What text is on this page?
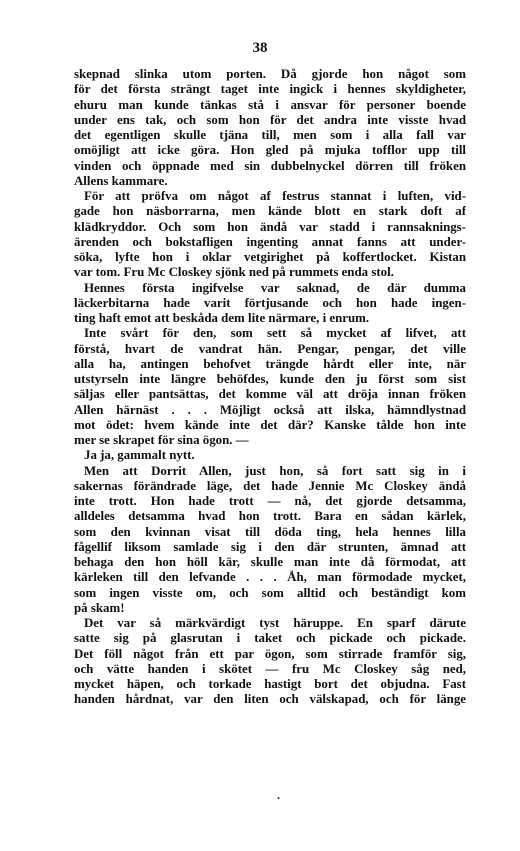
38
skepnad slinka utom porten. Då gjorde hon något som
för det första strängt taget inte ingick i hennes skyldigheter,
ehuru man kunde tänkas stå i ansvar för personer boende
under ens tak, och som hon för det andra inte visste hvad
det egentligen skulle tjäna till, men som i alla fall var
omöjligt att icke göra. Hon gled på mjuka tofflor upp till
vinden och öppnade med sin dubbelnyckel dörren till fröken
Allens kammare.
För att pröfva om något af festrus stannat i luften, vid-
gade hon näsborrarna, men kände blott en stark doft af
klädkryddor. Och som hon ändå var stadd i rannsaknings-
ärenden och bokstafligen ingenting annat fanns att under-
söka, lyfte hon i oklar vetgirighet på koffertlocket. Kistan
var tom. Fru Mc Closkey sjönk ned på rummets enda stol.
Hennes första ingifvelse var saknad, de där dumma
läckerbitarna hade varit förtjusande och hon hade ingen-
ting haft emot att beskåda dem lite närmare, i enrum.
Inte svårt för den, som sett så mycket af lifvet, att
förstå, hvart de vandrat hän. Pengar, pengar, det ville
alla ha, antingen behofvet trängde hårdt eller inte, när
utstyrseln inte längre behöfdes, kunde den ju först som sist
säljas eller pantsättas, det komme väl att dröja innan fröken
Allen härnäst . . . Möjligt också att ilska, hämndlystnad
mot ödet: hvem kände inte det där? Kanske tålde hon inte
mer se skrapet för sina ögon. —
Ja ja, gammalt nytt.
Men att Dorrit Allen, just hon, så fort satt sig in i
sakernas förändrade läge, det hade Jennie Mc Closkey ändå
inte trott. Hon hade trott — nå, det gjorde detsamma,
alldeles detsamma hvad hon trott. Bara en sådan kärlek,
som den kvinnan visat till döda ting, hela hennes lilla
fågellif liksom samlade sig i den där strunten, ämnad att
behaga den hon höll kär, skulle man inte då förmodat, att
kärleken till den lefvande . . . Åh, man förmodade mycket,
som ingen visste om, och som alltid och beständigt kom
på skam!
Det var så märkvärdigt tyst häruppe. En sparf därute
satte sig på glasrutan i taket och pickade och pickade.
Det föll något från ett par ögon, som stirrade framför sig,
och vätte handen i skötet — fru Mc Closkey såg ned,
mycket häpen, och torkade hastigt bort det objudna. Fast
handen hårdnat, var den liten och välskapad, och för länge
.
